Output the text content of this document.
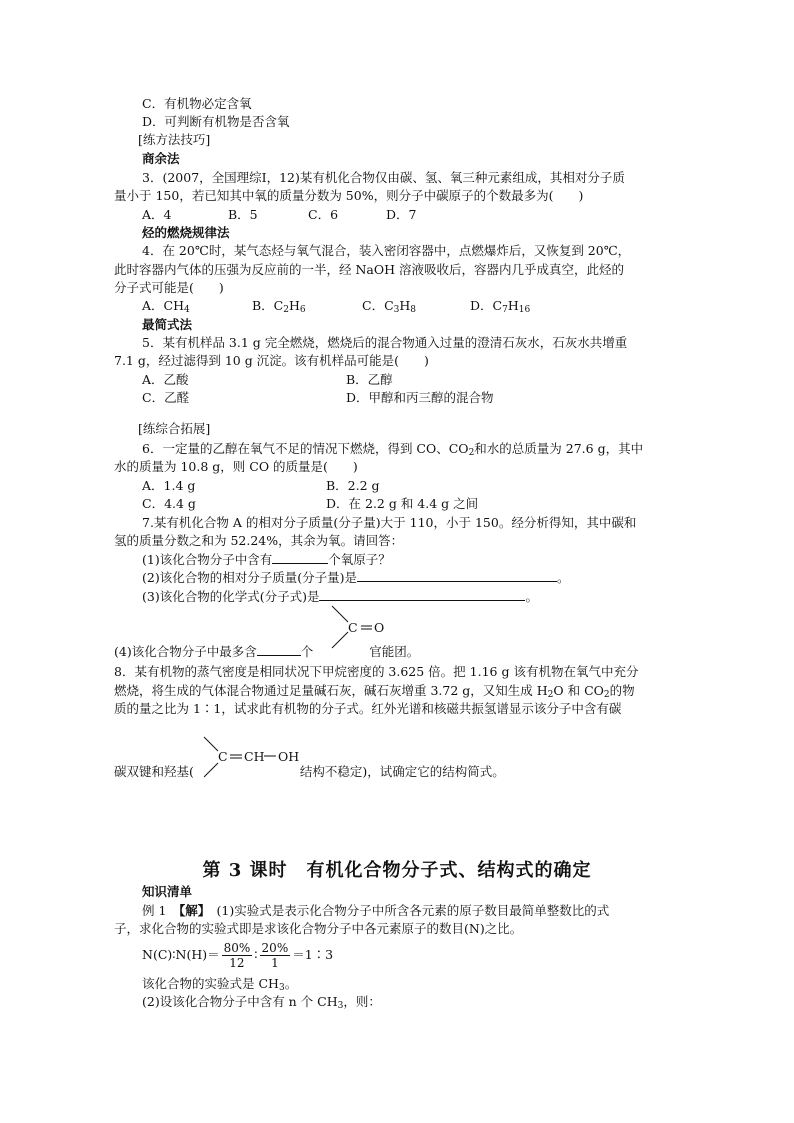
C．有机物必定含氧
D．可判断有机物是否含氧
[练方法技巧]
商余法
3．(2007，全国理综Ⅰ，12)某有机化合物仅由碳、氢、氧三种元素组成，其相对分子质
量小于 150，若已知其中氧的质量分数为 50%，则分子中碳原子的个数最多为(　　)
A．4	B．5	C．6	D．7
烃的燃烧规律法
4．在 20℃时，某气态烃与氧气混合，装入密闭容器中，点燃爆炸后，又恢复到 20℃，
此时容器内气体的压强为反应前的一半，经 NaOH 溶液吸收后，容器内几乎成真空，此烃的
分子式可能是(　　)
A．$CH_4$	B．$C_2H_6$	C．$C_3H_8$	D．$C_7H_{16}$
最简式法
5．某有机样品 3.1 g 完全燃烧，燃烧后的混合物通入过量的澄清石灰水，石灰水共增重
7.1 g，经过滤得到 10 g 沉淀。该有机样品可能是(　　)
A．乙酸	B．乙醇
C．乙醛	D．甲醇和丙三醇的混合物
[练综合拓展]
6．一定量的乙醇在氧气不足的情况下燃烧，得到 CO、$CO_2$和水的总质量为 27.6 g，其中
水的质量为 10.8 g，则 CO 的质量是(　　)
A．1.4 g	B．2.2 g
C．4.4 g	D．在 2.2 g 和 4.4 g 之间
7.某有机化合物 A 的相对分子质量(分子量)大于 110，小于 150。经分析得知，其中碳和
氢的质量分数之和为 52.24%，其余为氧。请回答：
(1)该化合物分子中含有	个氧原子？
(2)该化合物的相对分子质量(分子量)是	。
(3)该化合物的化学式(分子式)是	。
C O
(4)该化合物分子中最多含	个	官能团。
8．某有机物的蒸气密度是相同状况下甲烷密度的 3.625 倍。把 1.16 g 该有机物在氧气中充分
燃烧，将生成的气体混合物通过足量碱石灰，碱石灰增重 3.72 g，又知生成 $H_2O$ 和 $CO_2$的物
质的量之比为 1∶1，试求此有机物的分子式。红外光谱和核磁共振氢谱显示该分子中含有碳
C CH OH
碳双键和羟基(	结构不稳定)，试确定它的结构简式。
第 3 课时　有机化合物分子式、结构式的确定
知识清单
例 1　 【解】　 (1)实验式是表示化合物分子中所含各元素的原子数目最简单整数比的式
子，求化合物的实验式即是求该化合物分子中各元素原子的数目(N)之比。
N(C)∶N(H)＝ $\frac{80\%}{12}$ ∶ $\frac{20\%}{1}$ ＝1∶3
该化合物的实验式是 $CH_3$。
(2)设该化合物分子中含有 n 个 $CH_3$，则：
